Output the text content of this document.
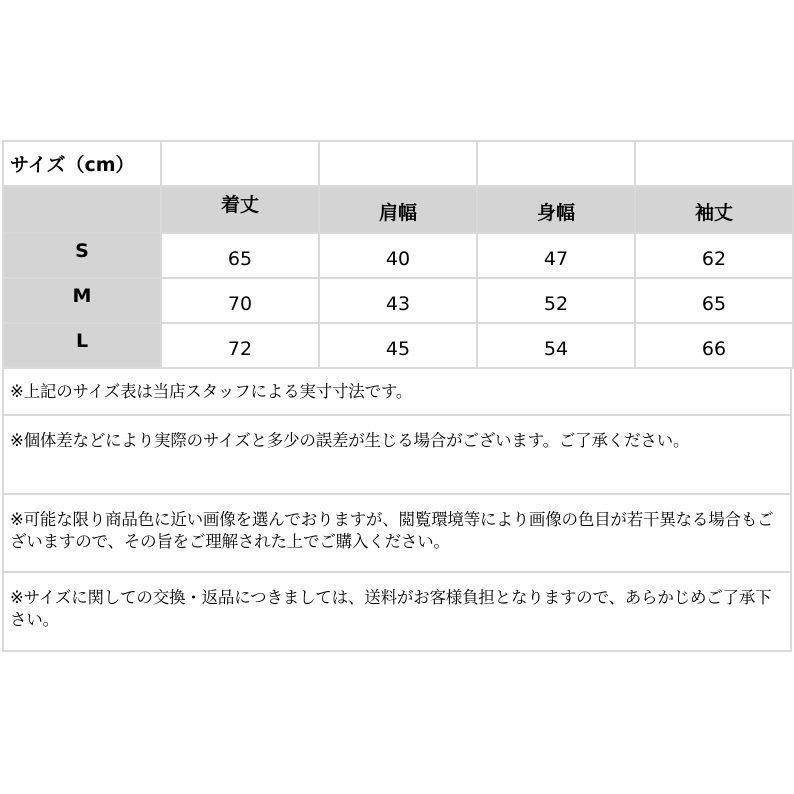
サイズ（cm）				
	着丈	肩幅	身幅	袖丈
S	65	40	47	62
M	70	43	52	65
L	72	45	54	66
※上記のサイズ表は当店スタッフによる実寸寸法です。
※個体差などにより実際のサイズと多少の誤差が生じる場合がございます。ご了承ください。
※可能な限り商品色に近い画像を選んでおりますが、閲覧環境等により画像の色目が若干異なる場合もございますので、その旨をご理解された上でご購入ください。
※サイズに関しての交換・返品につきましては、送料がお客様負担となりますので、あらかじめご了承下さい。
